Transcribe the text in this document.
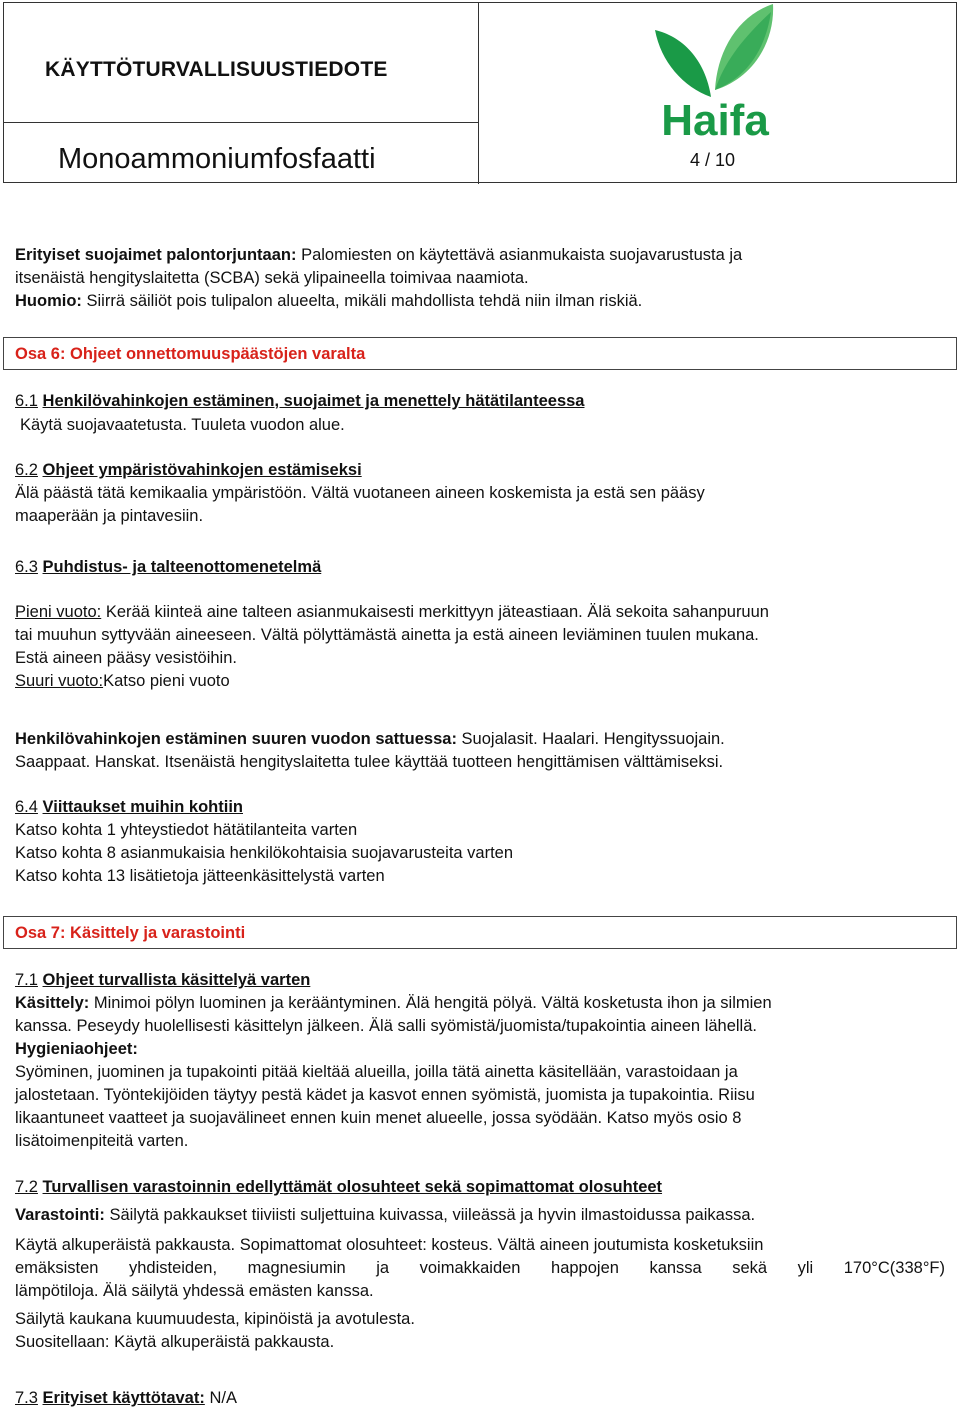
KÄYTTÖTURVALLISUUSTIEDOTE
Monoammoniumfosfaatti	4 / 10
Haifa
Erityiset suojaimet palontorjuntaan: Palomiesten on käytettävä asianmukaista suojavarustusta ja
itsenäistä hengityslaitetta (SCBA) sekä ylipaineella toimivaa naamiota.
Huomio: Siirrä säiliöt pois tulipalon alueelta, mikäli mahdollista tehdä niin ilman riskiä.
Osa 6: Ohjeet onnettomuuspäästöjen varalta
6.1 Henkilövahinkojen estäminen, suojaimet ja menettely hätätilanteessa
Käytä suojavaatetusta. Tuuleta vuodon alue.
6.2 Ohjeet ympäristövahinkojen estämiseksi
Älä päästä tätä kemikaalia ympäristöön. Vältä vuotaneen aineen koskemista ja estä sen pääsy
maaperään ja pintavesiin.
6.3 Puhdistus- ja talteenottomenetelmä
Pieni vuoto: Kerää kiinteä aine talteen asianmukaisesti merkittyyn jäteastiaan. Älä sekoita sahanpuruun
tai muuhun syttyvään aineeseen. Vältä pölyttämästä ainetta ja estä aineen leviäminen tuulen mukana.
Estä aineen pääsy vesistöihin.
Suuri vuoto:Katso pieni vuoto
Henkilövahinkojen estäminen suuren vuodon sattuessa: Suojalasit. Haalari. Hengityssuojain.
Saappaat. Hanskat. Itsenäistä hengityslaitetta tulee käyttää tuotteen hengittämisen välttämiseksi.
6.4 Viittaukset muihin kohtiin
Katso kohta 1 yhteystiedot hätätilanteita varten
Katso kohta 8 asianmukaisia henkilökohtaisia suojavarusteita varten
Katso kohta 13 lisätietoja jätteenkäsittelystä varten
Osa 7: Käsittely ja varastointi
7.1 Ohjeet turvallista käsittelyä varten
Käsittely: Minimoi pölyn luominen ja kerääntyminen. Älä hengitä pölyä. Vältä kosketusta ihon ja silmien
kanssa. Peseydy huolellisesti käsittelyn jälkeen. Älä salli syömistä/juomista/tupakointia aineen lähellä.
Hygieniaohjeet:
Syöminen, juominen ja tupakointi pitää kieltää alueilla, joilla tätä ainetta käsitellään, varastoidaan ja
jalostetaan. Työntekijöiden täytyy pestä kädet ja kasvot ennen syömistä, juomista ja tupakointia. Riisu
likaantuneet vaatteet ja suojavälineet ennen kuin menet alueelle, jossa syödään. Katso myös osio 8
lisätoimenpiteitä varten.
7.2 Turvallisen varastoinnin edellyttämät olosuhteet sekä sopimattomat olosuhteet
Varastointi: Säilytä pakkaukset tiiviisti suljettuina kuivassa, viileässä ja hyvin ilmastoidussa paikassa.
Käytä alkuperäistä pakkausta. Sopimattomat olosuhteet: kosteus. Vältä aineen joutumista kosketuksiin
emäksisten yhdisteiden, magnesiumin ja voimakkaiden happojen kanssa sekä yli 170°C(338°F)
lämpötiloja. Älä säilytä yhdessä emästen kanssa.
Säilytä kaukana kuumuudesta, kipinöistä ja avotulesta.
Suositellaan: Käytä alkuperäistä pakkausta.
7.3 Erityiset käyttötavat: N/A
